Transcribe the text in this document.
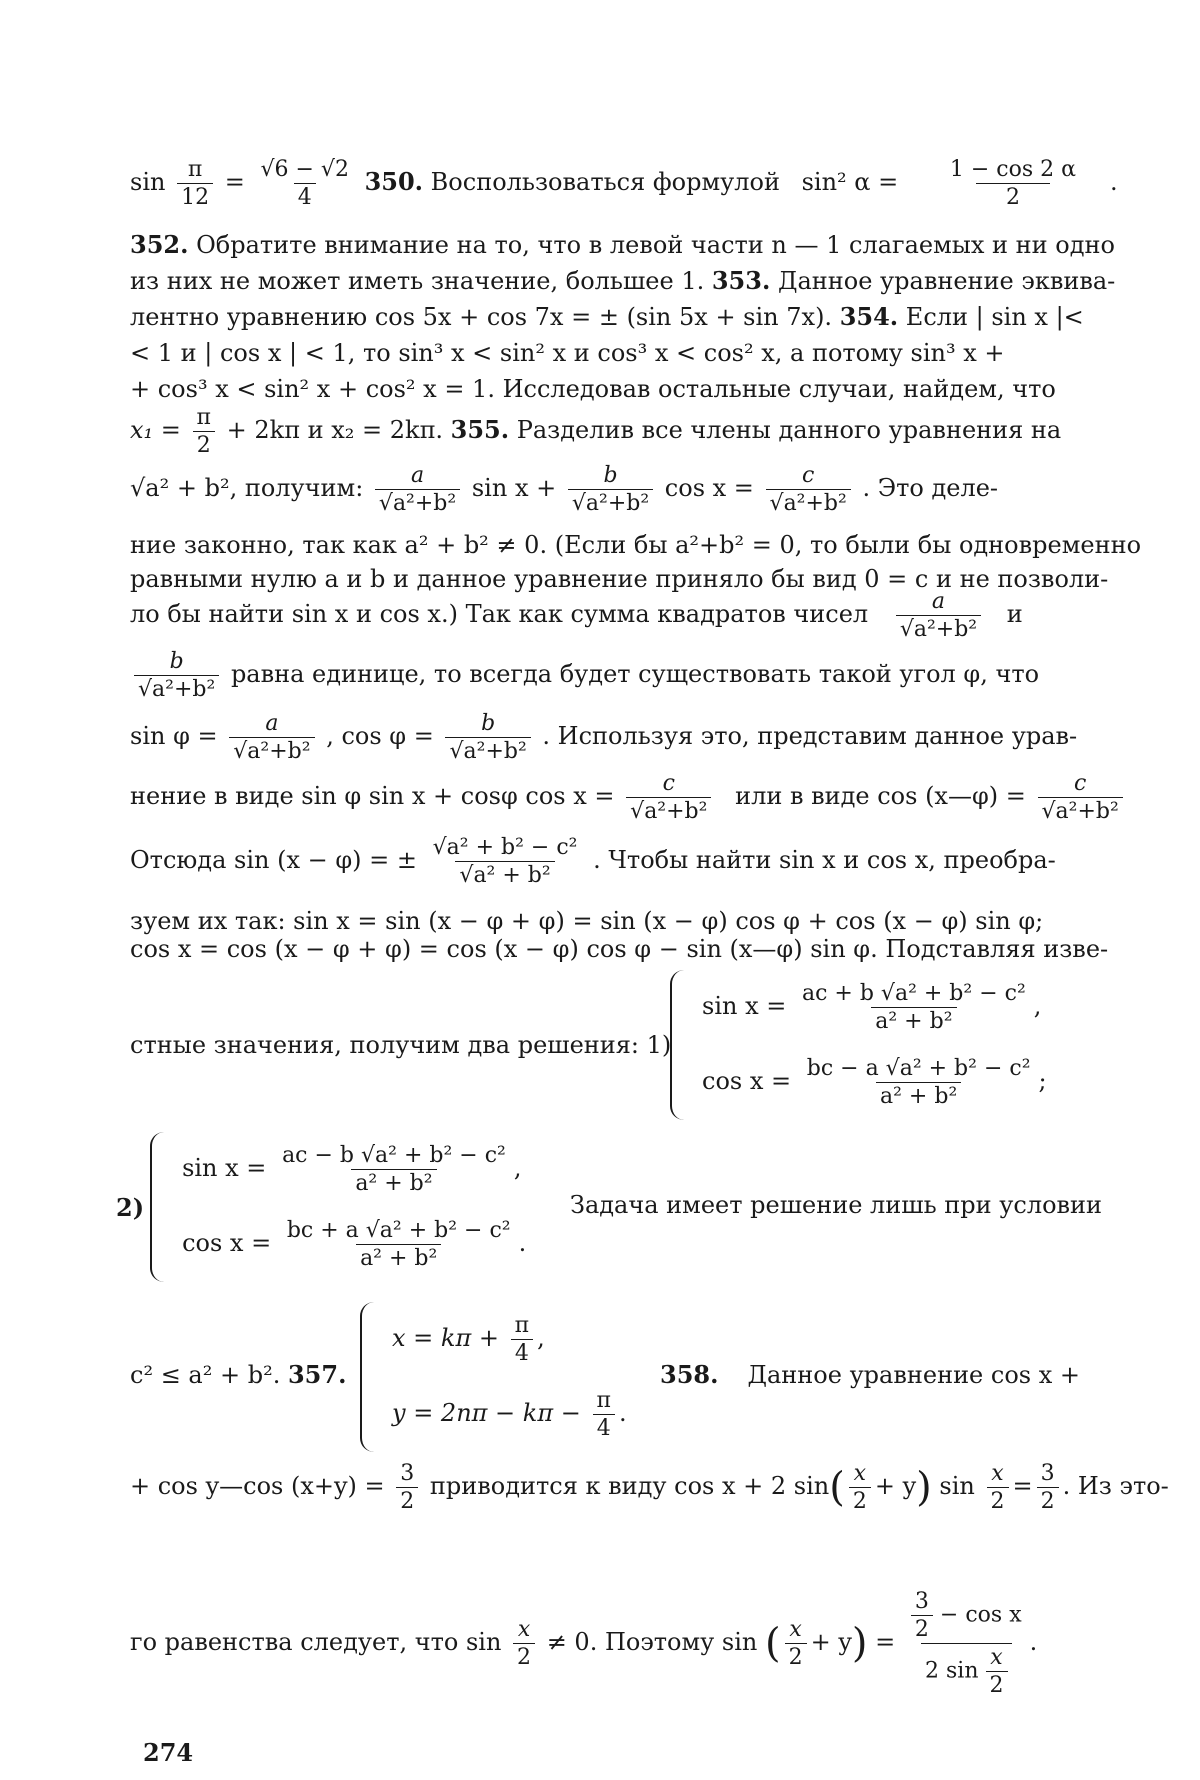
$\sin \frac{\pi}{12} = \frac{√6 - √2}{4} 350$. Воспользоваться формулой sin² $\alpha = \frac{1 - \cos 2 \alpha}{2}$ .
352. Обратите внимание на то, что в левой части n — 1 слагаемых и ни одно
из них не может иметь значение, большее 1. 353. Данное уравнение эквива-
лентно уравнению cos 5x + cos 7x = ± (sin 5x + sin 7x). 354. Если | sin x |<
< 1 и | cos x | < 1, то sin³ x < sin² x и cos³ x < cos² x, а потому sin³ x +
+ cos³ x < sin² x + cos² x = 1. Исследовав остальные случаи, найдем, что
$x_1 = \frac{\pi}{2} + 2k\pi$ и x₂ = 2kπ. 355. Разделив все члены данного уравнения на
√a² + b², получим: $\frac{a}{\text{√a²+b²}}$ $\sin x + \frac{b}{\text{√a²+b²}}$ $\cos x = \frac{c}{\text{√a²+b²}}$ . Это деле-
ние законно, так как a² + b² ≠ 0. (Если бы a²+b² = 0, то были бы одновременно
равными нулю a и b и данное уравнение приняло бы вид 0 = c и не позволи-
ло бы найти sin x и cos x.) Так как сумма квадратов чисел $\frac{a}{\text{√a²+b²}}$ и
$\frac{b}{\text{√a²+b²}}$ равна единице, то всегда будет существовать такой угол φ, что
$\sin \varphi = \frac{a}{\text{√a²+b²}}$ , $\cos \varphi = \frac{b}{\text{√a²+b²}}$ . Используя это, представим данное урав-
нение в виде sin φ sin x + cosφ $\cos x = \frac{c}{\text{√a²+b²}}$ или в виде cos (x—φ) = $\frac{c}{\text{√a²+b²}}$
Отсюда sin (x − φ) = ± $\frac{\text{√a² + b² − c²}}{\text{√a² + b²}}$ . Чтобы найти sin x и cos x, преобра-
зуем их так: sin x = sin (x − φ + φ) = sin (x − φ) cos φ + cos (x − φ) sin φ;
cos x = cos (x − φ + φ) = cos (x − φ) cos φ − sin (x—φ) sin φ. Подставляя изве-
$\sin x = \frac{\text{ac + b √a² + b² − c²}}{\text{a² + b²}}$ ,
$\cos x = \frac{\text{bc − a √a² + b² − c²}}{\text{a² + b²}}$ ;
стные значения, получим два решения: 1)
2)
$\sin x = \frac{\text{ac − b √a² + b² − c²}}{\text{a² + b²}}$ ,
$\cos x = \frac{\text{bc + a √a² + b² − c²}}{\text{a² + b²}}$ .
Задача имеет решение лишь при условии
$x = k\pi + \frac{\pi}{4}$ ,
$y = 2n\pi - k\pi - \frac{\pi}{4}$ .
c² ≤ a² + b². 357.	358. Данное уравнение cos x +
+ cos y—cos $(x+y) = \frac{3}{2}$ приводится к виду cos x + 2 $\sin( \frac{x}{2} + y)$ $\sin \frac{x}{2} = \frac{3}{2}$ . Из это-
го равенства следует, что $\sin \frac{x}{2} \ne 0$. Поэтому sin ( $\frac{x}{2} + y) = \frac{\frac{3}{2} - \cos x}{2 \sin \frac{x}{2}}$ .
274
